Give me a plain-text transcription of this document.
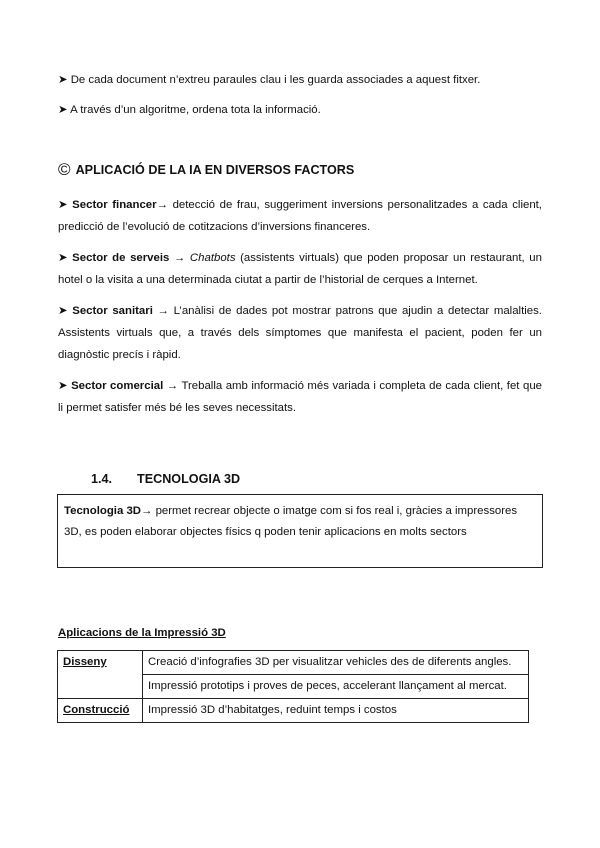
➤ De cada document n’extreu paraules clau i les guarda associades a aquest fitxer.
➤ A través d’un algoritme, ordena tota la informació.
© APLICACIÓ DE LA IA EN DIVERSOS FACTORS

➤ Sector financer→ detecció de frau, suggeriment inversions personalitzades a cada client, predicció de l’evolució de cotitzacions d’inversions financeres.

➤ Sector de serveis → Chatbots (assistents virtuals) que poden proposar un restaurant, un hotel o la visita a una determinada ciutat a partir de l’historial de cerques a Internet.

➤ Sector sanitari → L’anàlisi de dades pot mostrar patrons que ajudin a detectar malalties. Assistents virtuals que, a través dels símptomes que manifesta el pacient, poden fer un diagnòstic precís i ràpid.

➤ Sector comercial → Treballa amb informació més variada i completa de cada client, fet que li permet satisfer més bé les seves necessitats.

1.4. TECNOLOGIA 3D
Tecnologia 3D→ permet recrear objecte o imatge com si fos real i, gràcies a impressores 3D, es poden elaborar objectes físics q poden tenir aplicacions en molts sectors
Aplicacions de la Impressió 3D
Disseny	Creació d’infografies 3D per visualitzar vehicles des de diferents angles.
	Impressió prototips i proves de peces, accelerant llançament al mercat.
Construcció	Impressió 3D d’habitatges, reduint temps i costos
